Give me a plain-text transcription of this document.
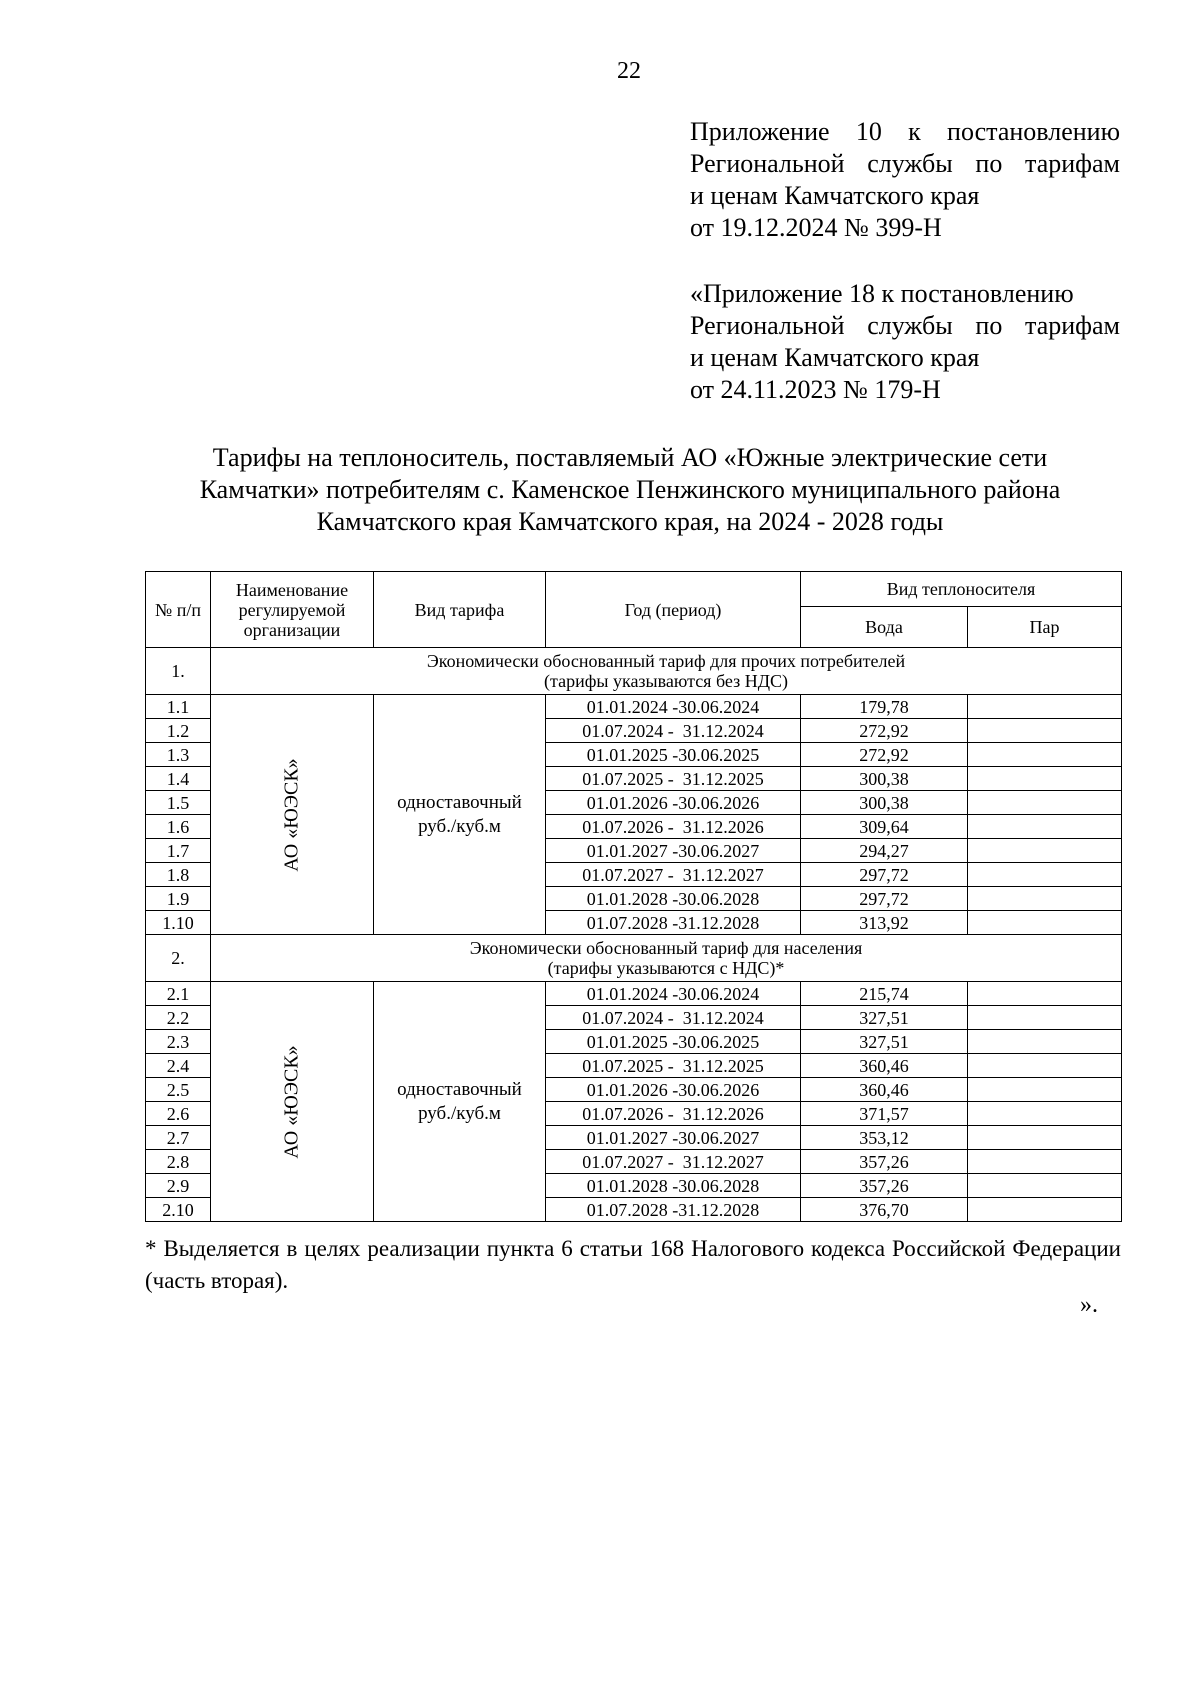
22
Приложение 10 к постановлению
Региональной службы по тарифам
и ценам Камчатского края
от 19.12.2024 № 399-Н
«Приложение 18 к постановлению
Региональной службы по тарифам
и ценам Камчатского края
от 24.11.2023 № 179-Н
Тарифы на теплоноситель, поставляемый АО «Южные электрические сети
Камчатки» потребителям с. Каменское Пенжинского муниципального района
Камчатского края Камчатского края, на 2024 - 2028 годы
№ п/п	Наименование регулируемой организации	Вид тарифа	Год (период)	Вид теплоносителя	
				Вода	Пар
1.	Экономически обоснованный тариф для прочих потребителей
(тарифы указываются без НДС)				

1.1	АО «ЮЭСК»	одноставочный
руб./куб.м	01.01.2024 -30.06.2024	179,78	
1.2			01.07.2024 -  31.12.2024	272,92	
1.3			01.01.2025 -30.06.2025	272,92	
1.4			01.07.2025 -  31.12.2025	300,38	
1.5			01.01.2026 -30.06.2026	300,38	
1.6			01.07.2026 -  31.12.2026	309,64	
1.7			01.01.2027 -30.06.2027	294,27	
1.8			01.07.2027 -  31.12.2027	297,72	
1.9			01.01.2028 -30.06.2028	297,72	
1.10			01.07.2028 -31.12.2028	313,92	
2.	Экономически обоснованный тариф для населения
(тарифы указываются с НДС)*				

2.1	АО «ЮЭСК»	одноставочный
руб./куб.м	01.01.2024 -30.06.2024	215,74	
2.2			01.07.2024 -  31.12.2024	327,51	
2.3			01.01.2025 -30.06.2025	327,51	
2.4			01.07.2025 -  31.12.2025	360,46	
2.5			01.01.2026 -30.06.2026	360,46	
2.6			01.07.2026 -  31.12.2026	371,57	
2.7			01.01.2027 -30.06.2027	353,12	
2.8			01.07.2027 -  31.12.2027	357,26	
2.9			01.01.2028 -30.06.2028	357,26	
2.10			01.07.2028 -31.12.2028	376,70	
* Выделяется в целях реализации пункта 6 статьи 168 Налогового кодекса Российской Федерации (часть вторая).
».
